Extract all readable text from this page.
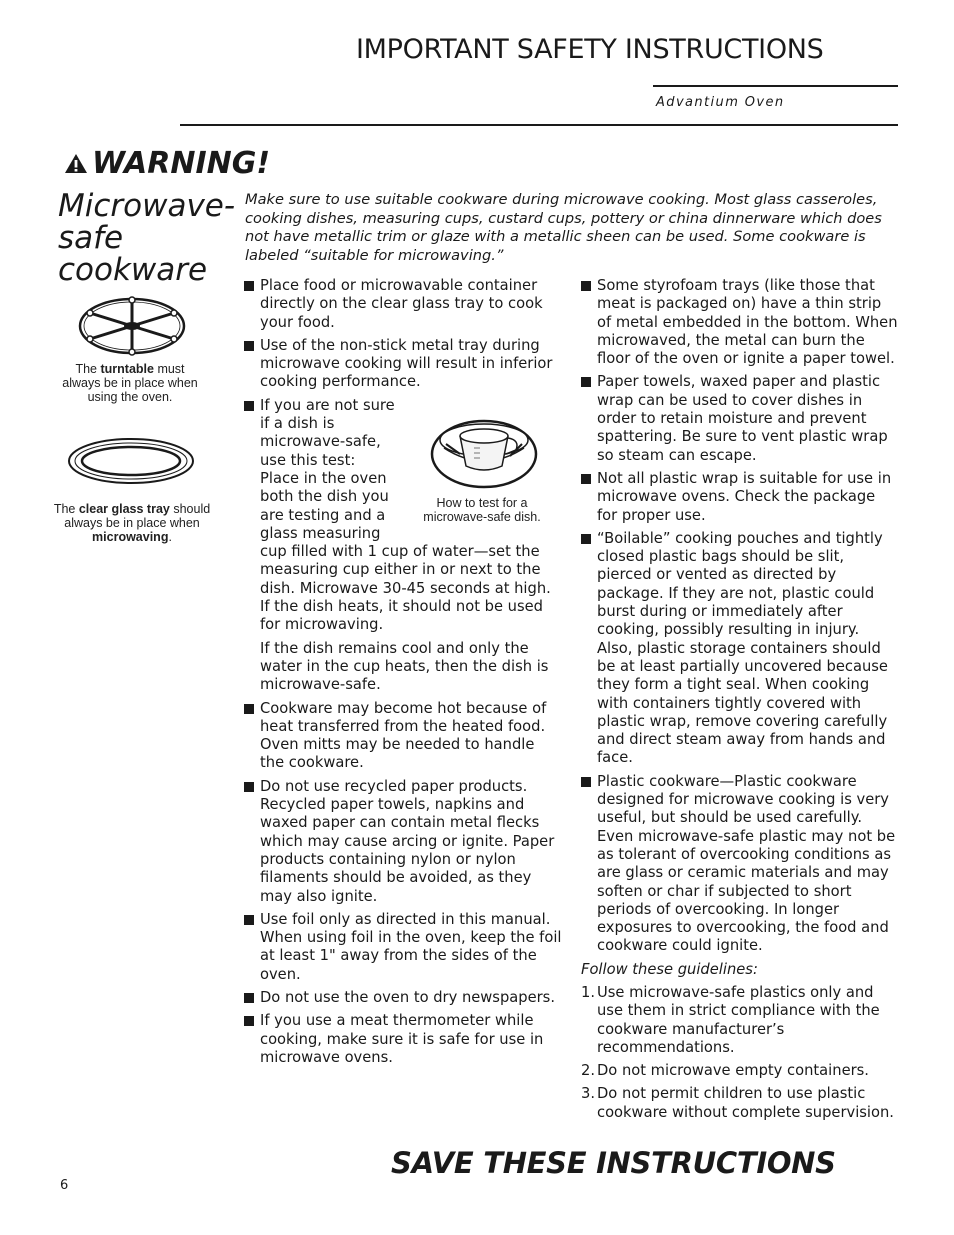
IMPORTANT SAFETY INSTRUCTIONS
Advantium Oven
WARNING!
Microwave-
safe
cookware
The turntable must always be in place when using the oven.
The clear glass tray should always be in place when microwaving.
Make sure to use suitable cookware during microwave cooking. Most glass casseroles, cooking dishes, measuring cups, custard cups, pottery or china dinnerware which does not have metallic trim or glaze with a metallic sheen can be used. Some cookware is labeled “suitable for microwaving.”

Place food or microwavable container directly on the clear glass tray to cook your food.

Use of the non-stick metal tray during microwave cooking will result in inferior cooking performance.

If you are not sure if a dish is microwave-safe, use this test: Place in the oven both the dish you are testing and a glass measuring cup filled with 1 cup of water—set the measuring cup either in or next to the dish. Microwave 30-45 seconds at high. If the dish heats, it should not be used for microwaving.

If the dish remains cool and only the water in the cup heats, then the dish is microwave-safe.

Cookware may become hot because of heat transferred from the heated food. Oven mitts may be needed to handle the cookware.

Do not use recycled paper products. Recycled paper towels, napkins and waxed paper can contain metal flecks which may cause arcing or ignite. Paper products containing nylon or nylon filaments should be avoided, as they may also ignite.

Use foil only as directed in this manual. When using foil in the oven, keep the foil at least 1" away from the sides of the oven.

Do not use the oven to dry newspapers.

If you use a meat thermometer while cooking, make sure it is safe for use in microwave ovens.

How to test for a microwave-safe dish.

Some styrofoam trays (like those that meat is packaged on) have a thin strip of metal embedded in the bottom. When microwaved, the metal can burn the floor of the oven or ignite a paper towel.

Paper towels, waxed paper and plastic wrap can be used to cover dishes in order to retain moisture and prevent spattering. Be sure to vent plastic wrap so steam can escape.

Not all plastic wrap is suitable for use in microwave ovens. Check the package for proper use.

“Boilable” cooking pouches and tightly closed plastic bags should be slit, pierced or vented as directed by package. If they are not, plastic could burst during or immediately after cooking, possibly resulting in injury. Also, plastic storage containers should be at least partially uncovered because they form a tight seal. When cooking with containers tightly covered with plastic wrap, remove covering carefully and direct steam away from hands and face.

Plastic cookware—Plastic cookware designed for microwave cooking is very useful, but should be used carefully. Even microwave-safe plastic may not be as tolerant of overcooking conditions as are glass or ceramic materials and may soften or char if subjected to short periods of overcooking. In longer exposures to overcooking, the food and cookware could ignite.

Follow these guidelines:

1. Use microwave-safe plastics only and use them in strict compliance with the cookware manufacturer’s recommendations.

2. Do not microwave empty containers.

3. Do not permit children to use plastic cookware without complete supervision.

SAVE THESE INSTRUCTIONS
6
